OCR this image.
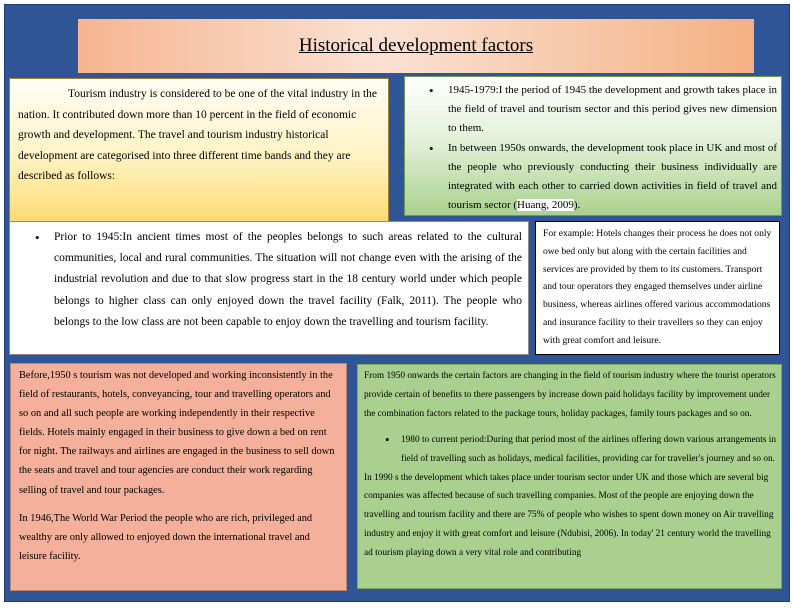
Historical development factors

Tourism industry is considered to be one of the vital industry in the nation. It contributed down more than 10 percent in the field of economic growth and development. The travel and tourism industry historical development are categorised into three different time bands and they are described as follows:

• 1945-1979:I the period of 1945 the development and growth takes place in the field of travel and tourism sector and this period gives new dimension to them.
• In between 1950s onwards, the development took place in UK and most of the people who previously conducting their business individually are integrated with each other to carried down activities in field of travel and tourism sector (Huang, 2009).
• Prior to 1945:In ancient times most of the peoples belongs to such areas related to the cultural communities, local and rural communities. The situation will not change even with the arising of the industrial revolution and due to that slow progress start in the 18 century world under which people belongs to higher class can only enjoyed down the travel facility (Falk, 2011). The people who belongs to the low class are not been capable to enjoy down the travelling and tourism facility.

For example: Hotels changes their process he does not only owe bed only but along with the certain facilities and services are provided by them to its customers. Transport and tour operators they engaged themselves under airline business, whereas airlines offered various accommodations and insurance facility to their travellers so they can enjoy with great comfort and leisure.

Before,1950 s tourism was not developed and working inconsistently in the field of restaurants, hotels, conveyancing, tour and travelling operators and so on and all such people are working independently in their respective fields. Hotels mainly engaged in their business to give down a bed on rent for night. The railways and airlines are engaged in the business to sell down the seats and travel and tour agencies are conduct their work regarding selling of travel and tour packages.

In 1946,The World War Period the people who are rich, privileged and wealthy are only allowed to enjoyed down the international travel and leisure facility.

From 1950 onwards the certain factors are changing in the field of tourism industry where the tourist operators provide certain of benefits to there passengers by increase down paid holidays facility by improvement under the combination factors related to the package tours, holiday packages, family tours packages and so on.

• 1980 to current period:During that period most of the airlines offering down various arrangements in field of travelling such as holidays, medical facilities, providing car for traveller's journey and so on.

In 1990 s the development which takes place under tourism sector under UK and those which are several big companies was affected because of such travelling companies. Most of the people are enjoying down the travelling and tourism facility and there are 75% of people who wishes to spent down money on Air travelling industry and enjoy it with great comfort and leisure (Ndubisi, 2006). In today' 21 century world the travelling ad tourism playing down a very vital role and contributing
